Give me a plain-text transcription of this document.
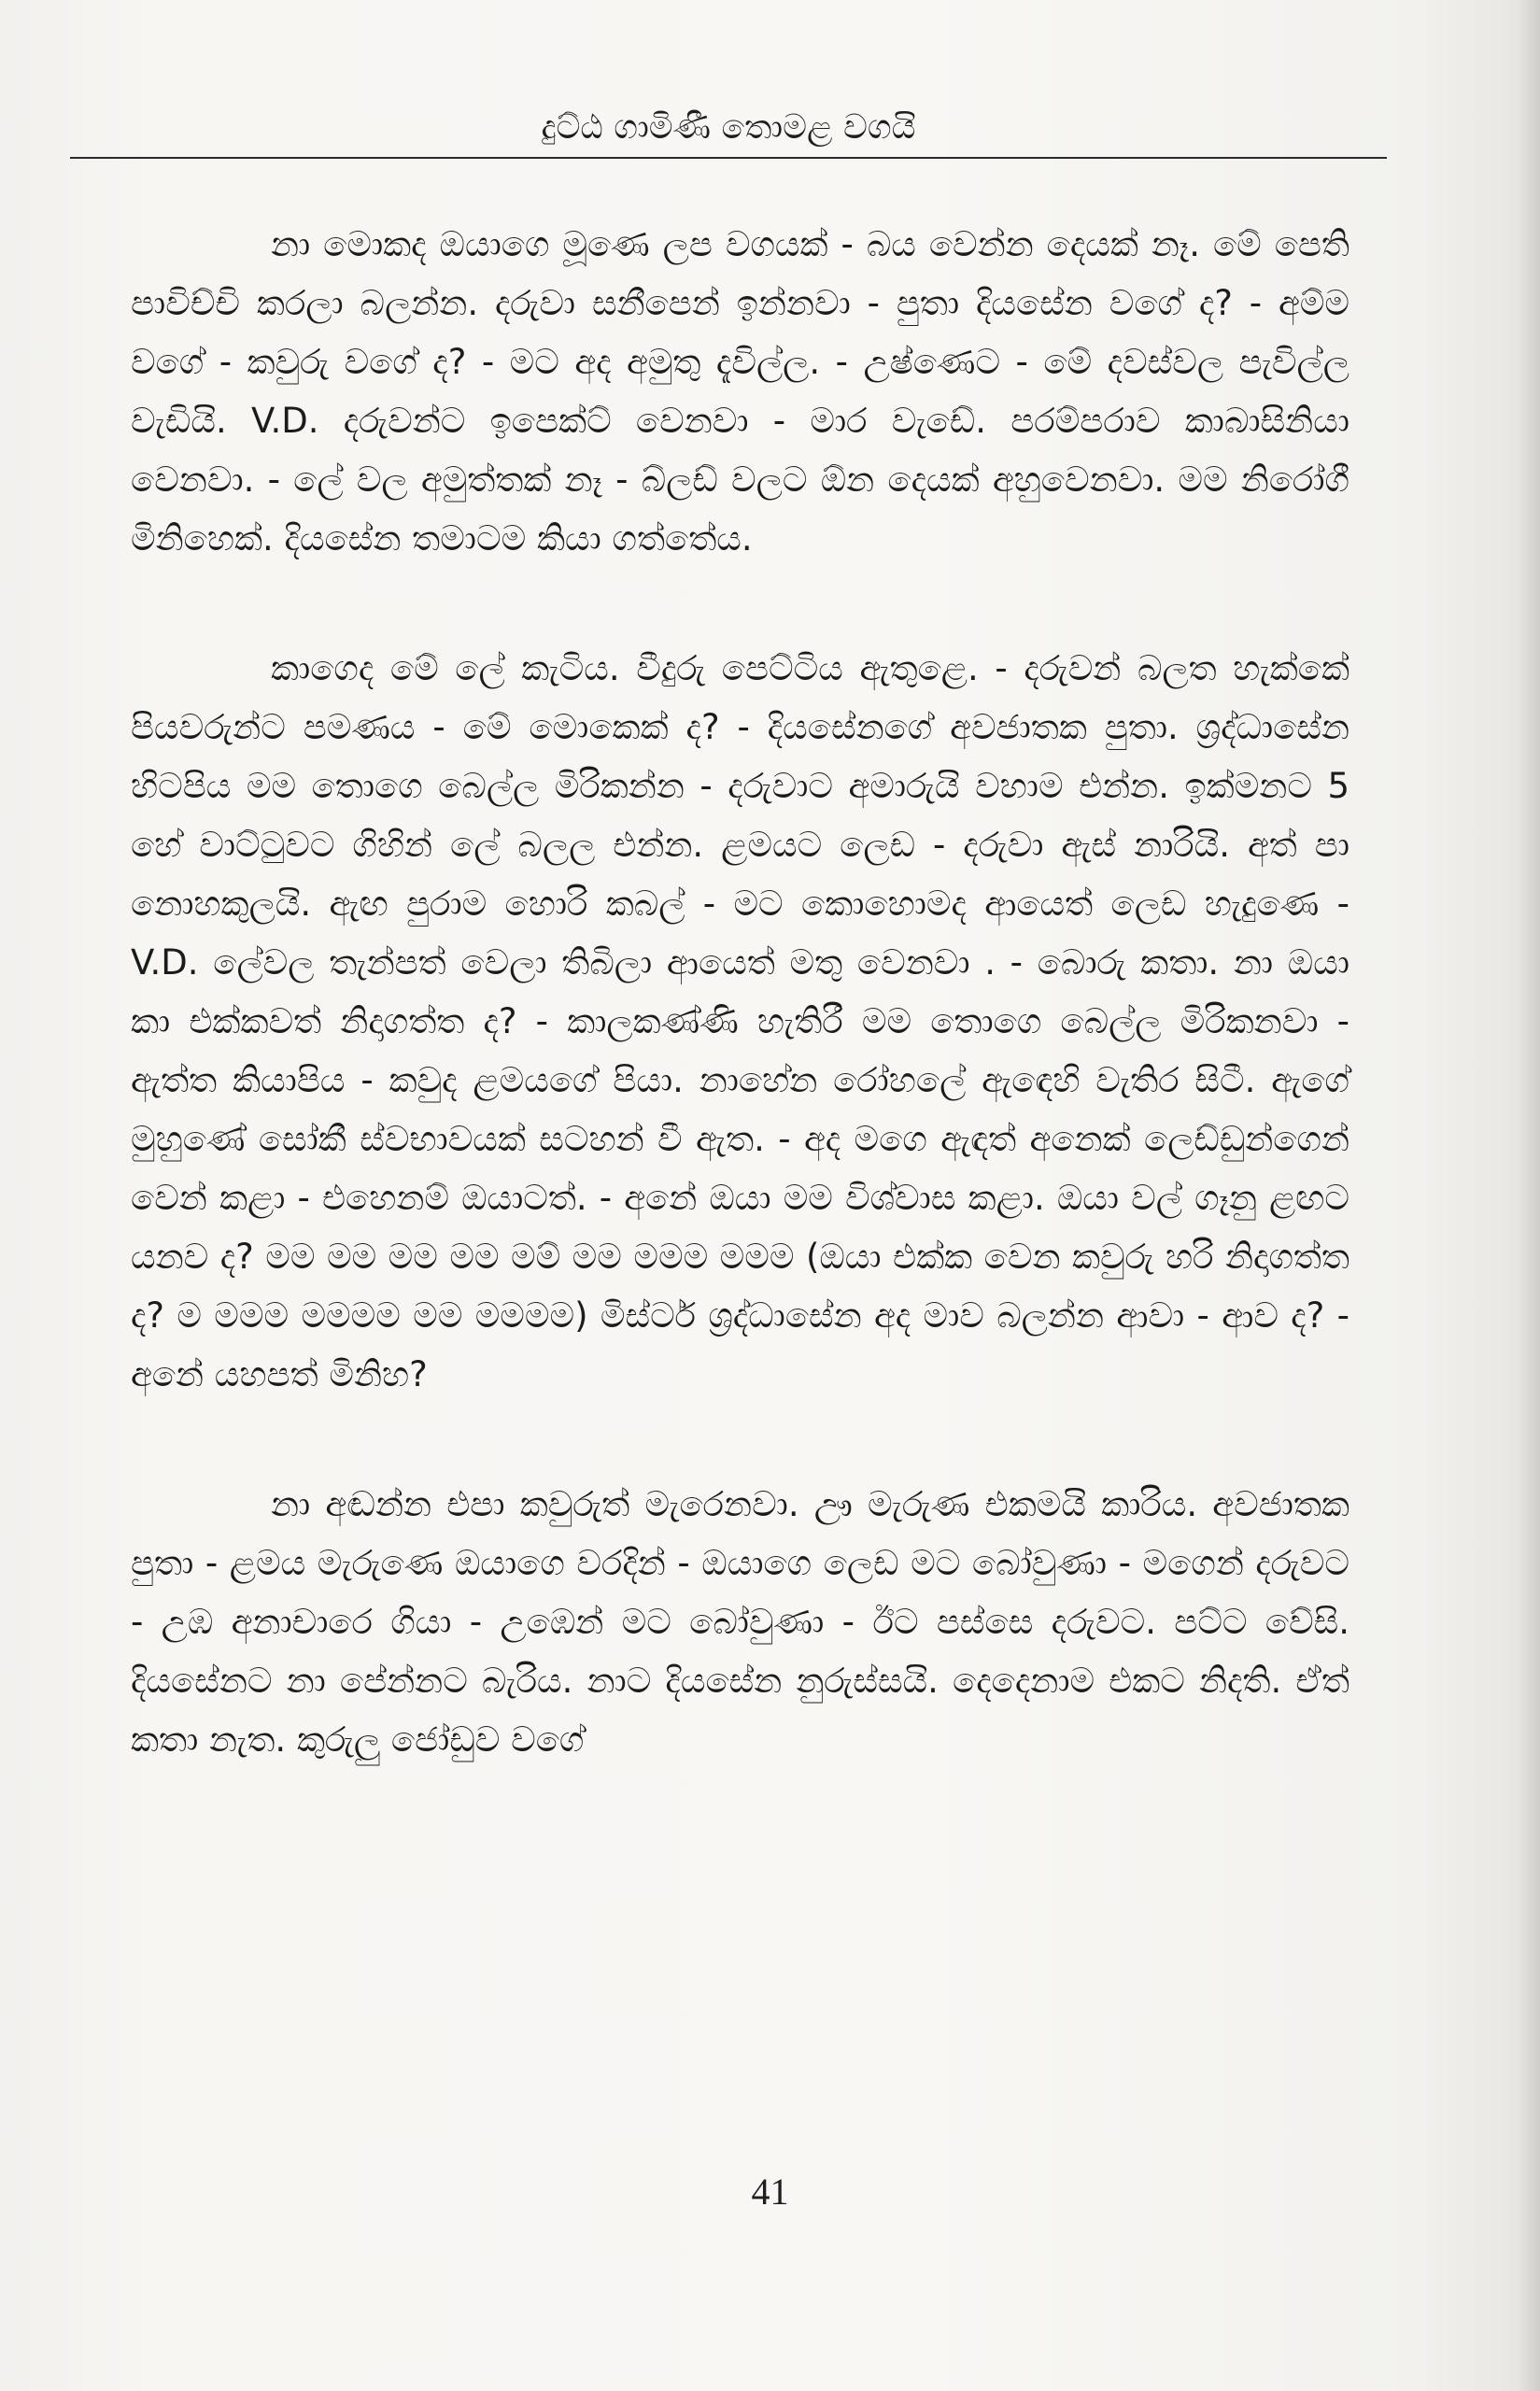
දුට්ඨ ගාමිණී තොමළ වගයි

නා මොකද ඔයාගෙ මූණෙ ලප වගයක් - බය වෙන්න දෙයක් නෑ. මේ පෙති පාවිච්චි කරලා බලන්න. දරුවා සනීපෙන් ඉන්නවා - පුතා දියසේන වගේ ද? - අම්ම වගේ - කවුරු වගේ ද? - මට අද අමුතු දැවිල්ල. - උෂ්ණෙට - මේ දවස්වල පැවිල්ල වැඩියි. V.D. දරුවන්ට ඉපෙක්ට් වෙනවා - මාර වැඩේ. පරම්පරාව කාබාසිනියා වෙනවා. - ලේ වල අමුත්තක් නෑ - බ්ලඩ් වලට ඕන දෙයක් අහුවෙනවා. මම නිරෝගී මිනිහෙක්. දියසේන තමාටම කියා ගත්තේය.

කාගෙද මේ ලේ කැටිය. වීදුරු පෙට්ටිය ඇතුළෙ. - දරුවන් බලත හැක්කේ පියවරුන්ට පමණය - මේ මොකෙක් ද? - දියසේනගේ අවජාතක පුතා. ශ්‍රද්ධාසේන හිටපිය මම තොගෙ බෙල්ල මිරිකන්න - දරුවාට අමාරුයි වහාම එන්න. ඉක්මනට 5 හේ වාට්ටුවට ගිහින් ලේ බලල එන්න. ළමයට ලෙඩ - දරුවා ඇස් නාරියි. අත් පා නොහකුලයි. ඇඟ පුරාම හොරි කබල් - මට කොහොමද ආයෙත් ලෙඩ හැදුණෙ - V.D. ලේවල තැන්පත් වෙලා තිබිලා ආයෙත් මතු වෙනවා . - බොරු කතා. නා ඔයා කා එක්කවත් නිදාගත්ත ද? - කාලකණ්ණි හැතිරී මම තොගෙ බෙල්ල මිරිකනවා - ඇත්ත කියාපිය - කවුද ළමයගේ පියා. නාහේන රෝහලේ ඇඳෙහි වැතිර සිටී. ඇගේ මුහුණේ සෝකී ස්වභාවයක් සටහන් වී ඇත. - අද මගෙ ඇඳත් අනෙක් ලෙඩ්ඩුන්ගෙන් වෙන් කළා - එහෙනම් ඔයාටත්. - අනේ ඔයා මම විශ්වාස කළා. ඔයා වල් ගෑනු ළඟට යනව ද? මම මම මම මම මම් මම මමම මමම (ඔයා එක්ක වෙන කවුරු හරි නිදාගත්ත ද? ම මමම මමමම මම මමමම) මිස්ටර් ශ්‍රද්ධාසේන අද මාව බලන්න ආවා - ආව ද? - අනේ යහපත් මිනිහ?

නා අඬන්න එපා කවුරුත් මැරෙනවා. ඌ මැරුණ එකමයි කාරිය. අවජාතක පුතා - ළමය මැරුණෙ ඔයාගෙ වරදින් - ඔයාගෙ ලෙඩ මට බෝවුණා - මගෙන් දරුවට - උඹ අනාචාරෙ ගියා - උඹෙන් මට බෝවුණා - ඊට පස්සෙ දරුවට. පට්ට වේසි. දියසේනට නා පේන්නට බැරිය. නාට දියසේන නුරුස්සයි. දෙදෙනාම එකට නිදති. ඒත් කතා නැත. කුරුලු ජෝඩුව වගේ

41
